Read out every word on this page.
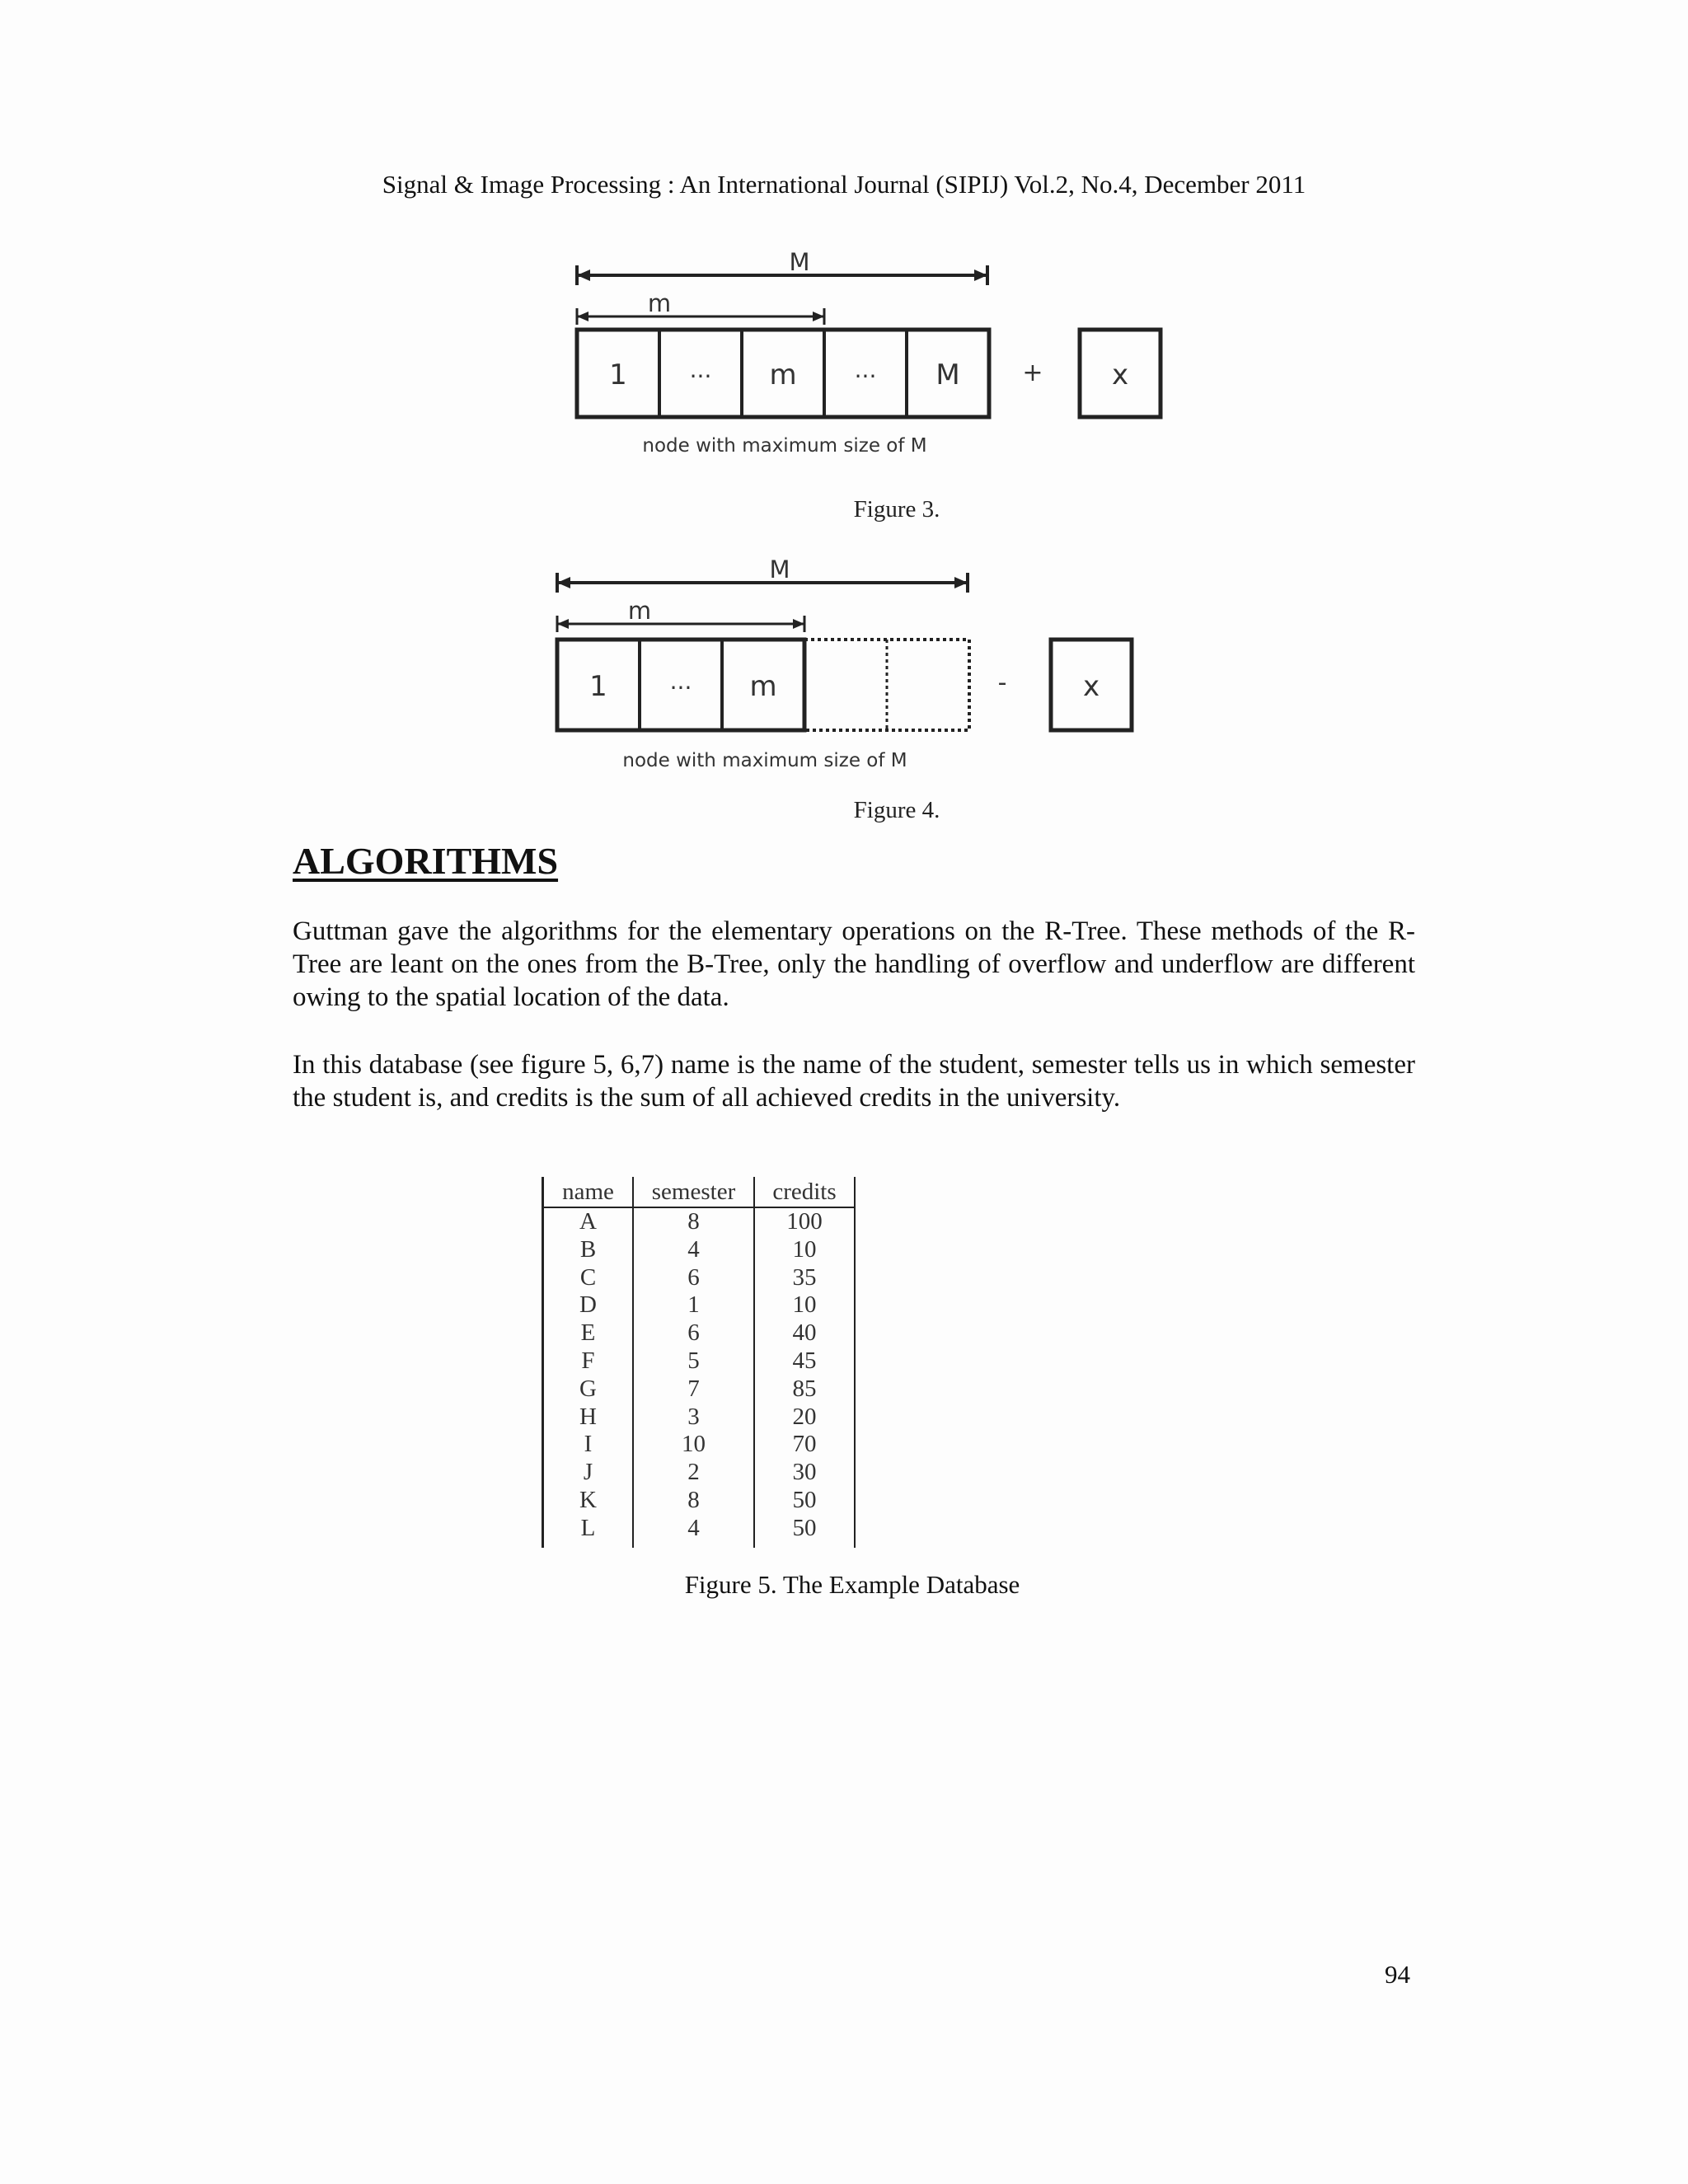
Signal & Image Processing : An International Journal (SIPIJ) Vol.2, No.4, December 2011
M
m
1	··· m	··· M	+ x
node with maximum size of M
Figure 3.
M
m
1	··· m	-	x
node with maximum size of M
Figure 4.
ALGORITHMS

Guttman gave the algorithms for the elementary operations on the R-Tree. These methods of the R-Tree are leant on the ones from the B-Tree, only the handling of overflow and underflow are different owing to the spatial location of the data.

In this database (see figure 5, 6,7) name is the name of the student, semester tells us in which semester the student is, and credits is the sum of all achieved credits in the university.

name	semester	credits
A	8	100
B	4	10
C	6	35
D	1	10
E	6	40
F	5	45
G	7	85
H	3	20
I	10	70
J	2	30
K	8	50
L	4	50
Figure 5. The Example Database
94
